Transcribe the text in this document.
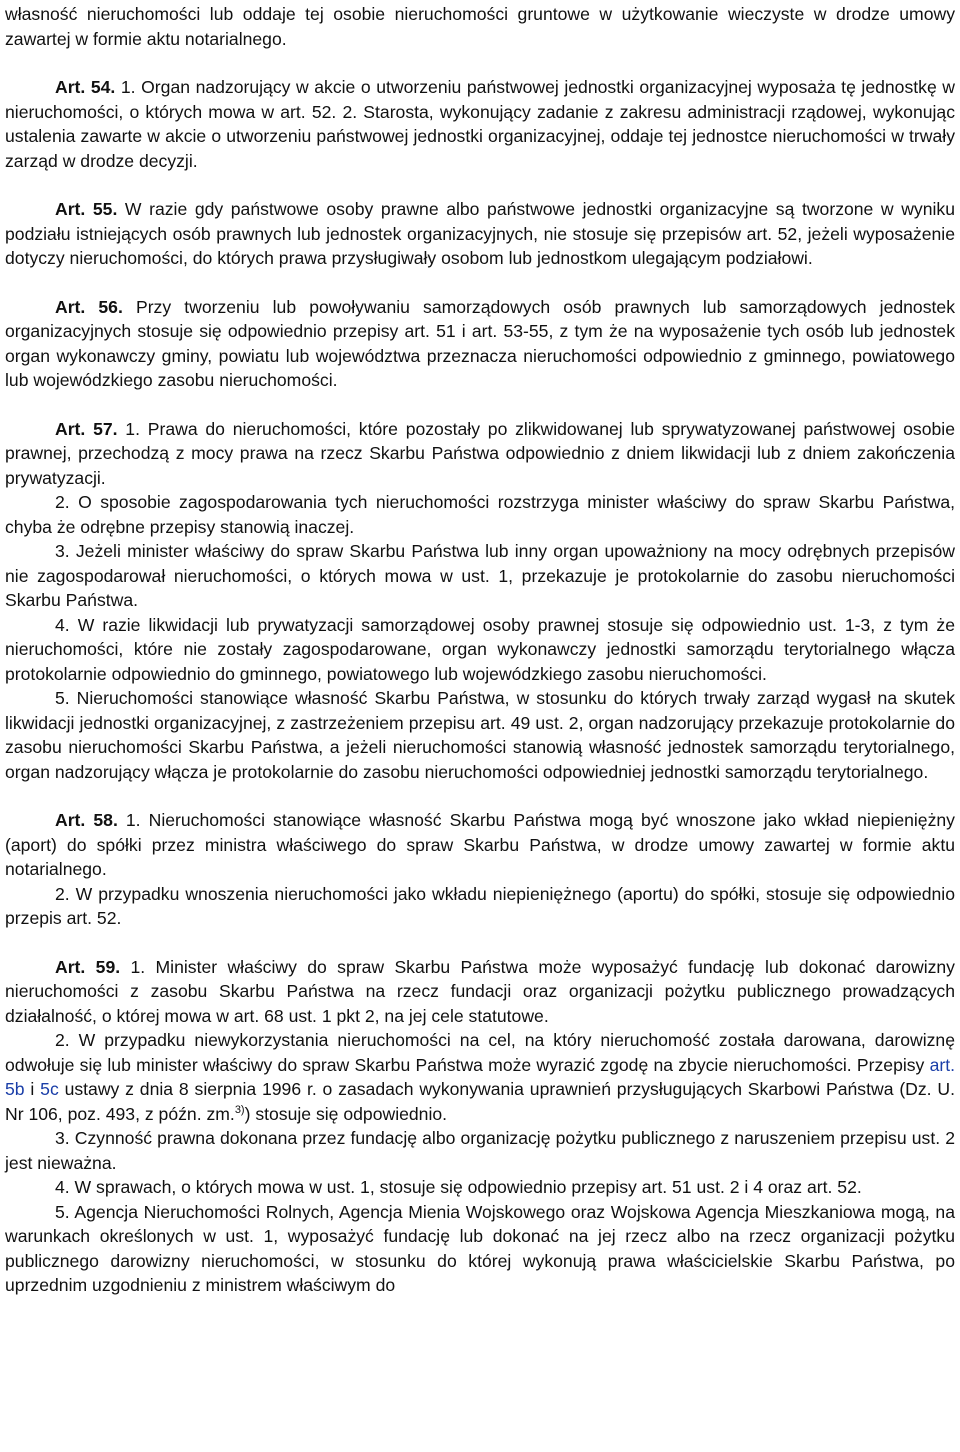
własność nieruchomości lub oddaje tej osobie nieruchomości gruntowe w użytkowanie wieczyste w drodze umowy zawartej w formie aktu notarialnego.

Art. 54. 1. Organ nadzorujący w akcie o utworzeniu państwowej jednostki organizacyjnej wyposaża tę jednostkę w nieruchomości, o których mowa w art. 52. 2. Starosta, wykonujący zadanie z zakresu administracji rządowej, wykonując ustalenia zawarte w akcie o utworzeniu państwowej jednostki organizacyjnej, oddaje tej jednostce nieruchomości w trwały zarząd w drodze decyzji.

Art. 55. W razie gdy państwowe osoby prawne albo państwowe jednostki organizacyjne są tworzone w wyniku podziału istniejących osób prawnych lub jednostek organizacyjnych, nie stosuje się przepisów art. 52, jeżeli wyposażenie dotyczy nieruchomości, do których prawa przysługiwały osobom lub jednostkom ulegającym podziałowi.

Art. 56. Przy tworzeniu lub powoływaniu samorządowych osób prawnych lub samorządowych jednostek organizacyjnych stosuje się odpowiednio przepisy art. 51 i art. 53-55, z tym że na wyposażenie tych osób lub jednostek organ wykonawczy gminy, powiatu lub województwa przeznacza nieruchomości odpowiednio z gminnego, powiatowego lub wojewódzkiego zasobu nieruchomości.

Art. 57. 1. Prawa do nieruchomości, które pozostały po zlikwidowanej lub sprywatyzowanej państwowej osobie prawnej, przechodzą z mocy prawa na rzecz Skarbu Państwa odpowiednio z dniem likwidacji lub z dniem zakończenia prywatyzacji.

2. O sposobie zagospodarowania tych nieruchomości rozstrzyga minister właściwy do spraw Skarbu Państwa, chyba że odrębne przepisy stanowią inaczej.

3. Jeżeli minister właściwy do spraw Skarbu Państwa lub inny organ upoważniony na mocy odrębnych przepisów nie zagospodarował nieruchomości, o których mowa w ust. 1, przekazuje je protokolarnie do zasobu nieruchomości Skarbu Państwa.

4. W razie likwidacji lub prywatyzacji samorządowej osoby prawnej stosuje się odpowiednio ust. 1-3, z tym że nieruchomości, które nie zostały zagospodarowane, organ wykonawczy jednostki samorządu terytorialnego włącza protokolarnie odpowiednio do gminnego, powiatowego lub wojewódzkiego zasobu nieruchomości.

5. Nieruchomości stanowiące własność Skarbu Państwa, w stosunku do których trwały zarząd wygasł na skutek likwidacji jednostki organizacyjnej, z zastrzeżeniem przepisu art. 49 ust. 2, organ nadzorujący przekazuje protokolarnie do zasobu nieruchomości Skarbu Państwa, a jeżeli nieruchomości stanowią własność jednostek samorządu terytorialnego, organ nadzorujący włącza je protokolarnie do zasobu nieruchomości odpowiedniej jednostki samorządu terytorialnego.

Art. 58. 1. Nieruchomości stanowiące własność Skarbu Państwa mogą być wnoszone jako wkład niepieniężny (aport) do spółki przez ministra właściwego do spraw Skarbu Państwa, w drodze umowy zawartej w formie aktu notarialnego.

2. W przypadku wnoszenia nieruchomości jako wkładu niepieniężnego (aportu) do spółki, stosuje się odpowiednio przepis art. 52.

Art. 59. 1. Minister właściwy do spraw Skarbu Państwa może wyposażyć fundację lub dokonać darowizny nieruchomości z zasobu Skarbu Państwa na rzecz fundacji oraz organizacji pożytku publicznego prowadzących działalność, o której mowa w art. 68 ust. 1 pkt 2, na jej cele statutowe.

2. W przypadku niewykorzystania nieruchomości na cel, na który nieruchomość została darowana, darowiznę odwołuje się lub minister właściwy do spraw Skarbu Państwa może wyrazić zgodę na zbycie nieruchomości. Przepisy art. 5b i 5c ustawy z dnia 8 sierpnia 1996 r. o zasadach wykonywania uprawnień przysługujących Skarbowi Państwa (Dz. U. Nr 106, poz. 493, z późn. zm.$^{3)}$) stosuje się odpowiednio.

3. Czynność prawna dokonana przez fundację albo organizację pożytku publicznego z naruszeniem przepisu ust. 2 jest nieważna.

4. W sprawach, o których mowa w ust. 1, stosuje się odpowiednio przepisy art. 51 ust. 2 i 4 oraz art. 52.

5. Agencja Nieruchomości Rolnych, Agencja Mienia Wojskowego oraz Wojskowa Agencja Mieszkaniowa mogą, na warunkach określonych w ust. 1, wyposażyć fundację lub dokonać na jej rzecz albo na rzecz organizacji pożytku publicznego darowizny nieruchomości, w stosunku do której wykonują prawa właścicielskie Skarbu Państwa, po uprzednim uzgodnieniu z ministrem właściwym do
